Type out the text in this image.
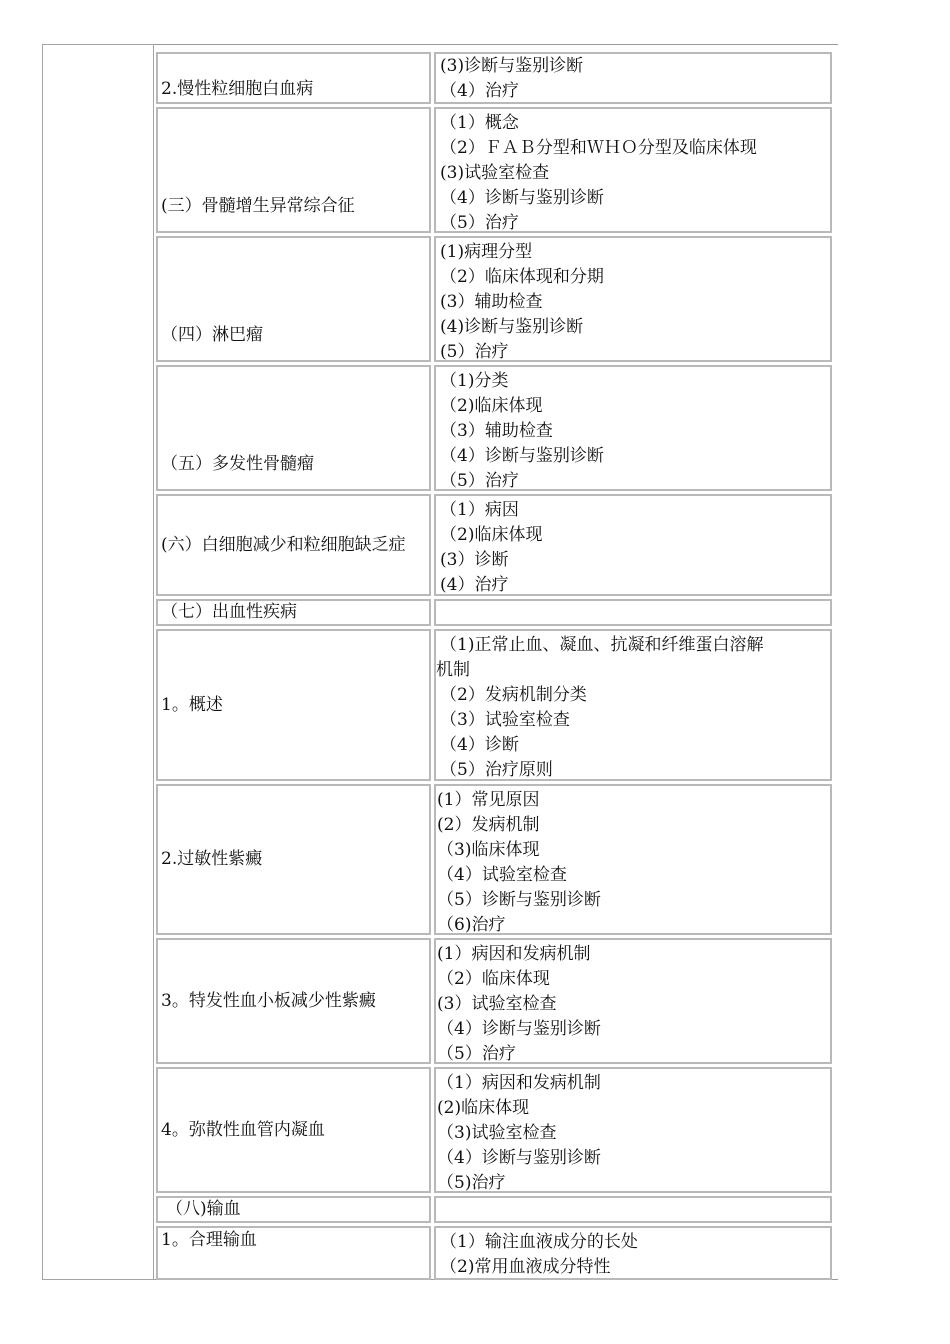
2.慢性粒细胞白血病
(3)诊断与鉴别诊断
（4）治疗
(三）骨髓增生异常综合征
（1）概念
（2）ＦＡＢ分型和ＷＨＯ分型及临床体现
(3)试验室检查
（4）诊断与鉴别诊断
（5）治疗
（四）淋巴瘤
(1)病理分型
（2）临床体现和分期
(3）辅助检查
(4)诊断与鉴别诊断
(5）治疗
（五）多发性骨髓瘤
（1)分类
（2)临床体现
（3）辅助检查
（4）诊断与鉴别诊断
（5）治疗
(六）白细胞减少和粒细胞缺乏症
（1）病因
（2)临床体现
(3）诊断
(4）治疗
（七）出血性疾病
1。概述
（1)正常止血、凝血、抗凝和纤维蛋白溶解
机制
（2）发病机制分类
（3）试验室检查
（4）诊断
（5）治疗原则
2.过敏性紫癜
(1）常见原因
(2）发病机制
（3)临床体现
（4）试验室检查
（5）诊断与鉴别诊断
（6)治疗
3。特发性血小板减少性紫癜
(1）病因和发病机制
（2）临床体现
(3）试验室检查
（4）诊断与鉴别诊断
（5）治疗
4。弥散性血管内凝血
（1）病因和发病机制
(2)临床体现
（3)试验室检查
（4）诊断与鉴别诊断
（5)治疗
（八)输血
1。合理输血	（1）输注血液成分的长处
（2)常用血液成分特性
